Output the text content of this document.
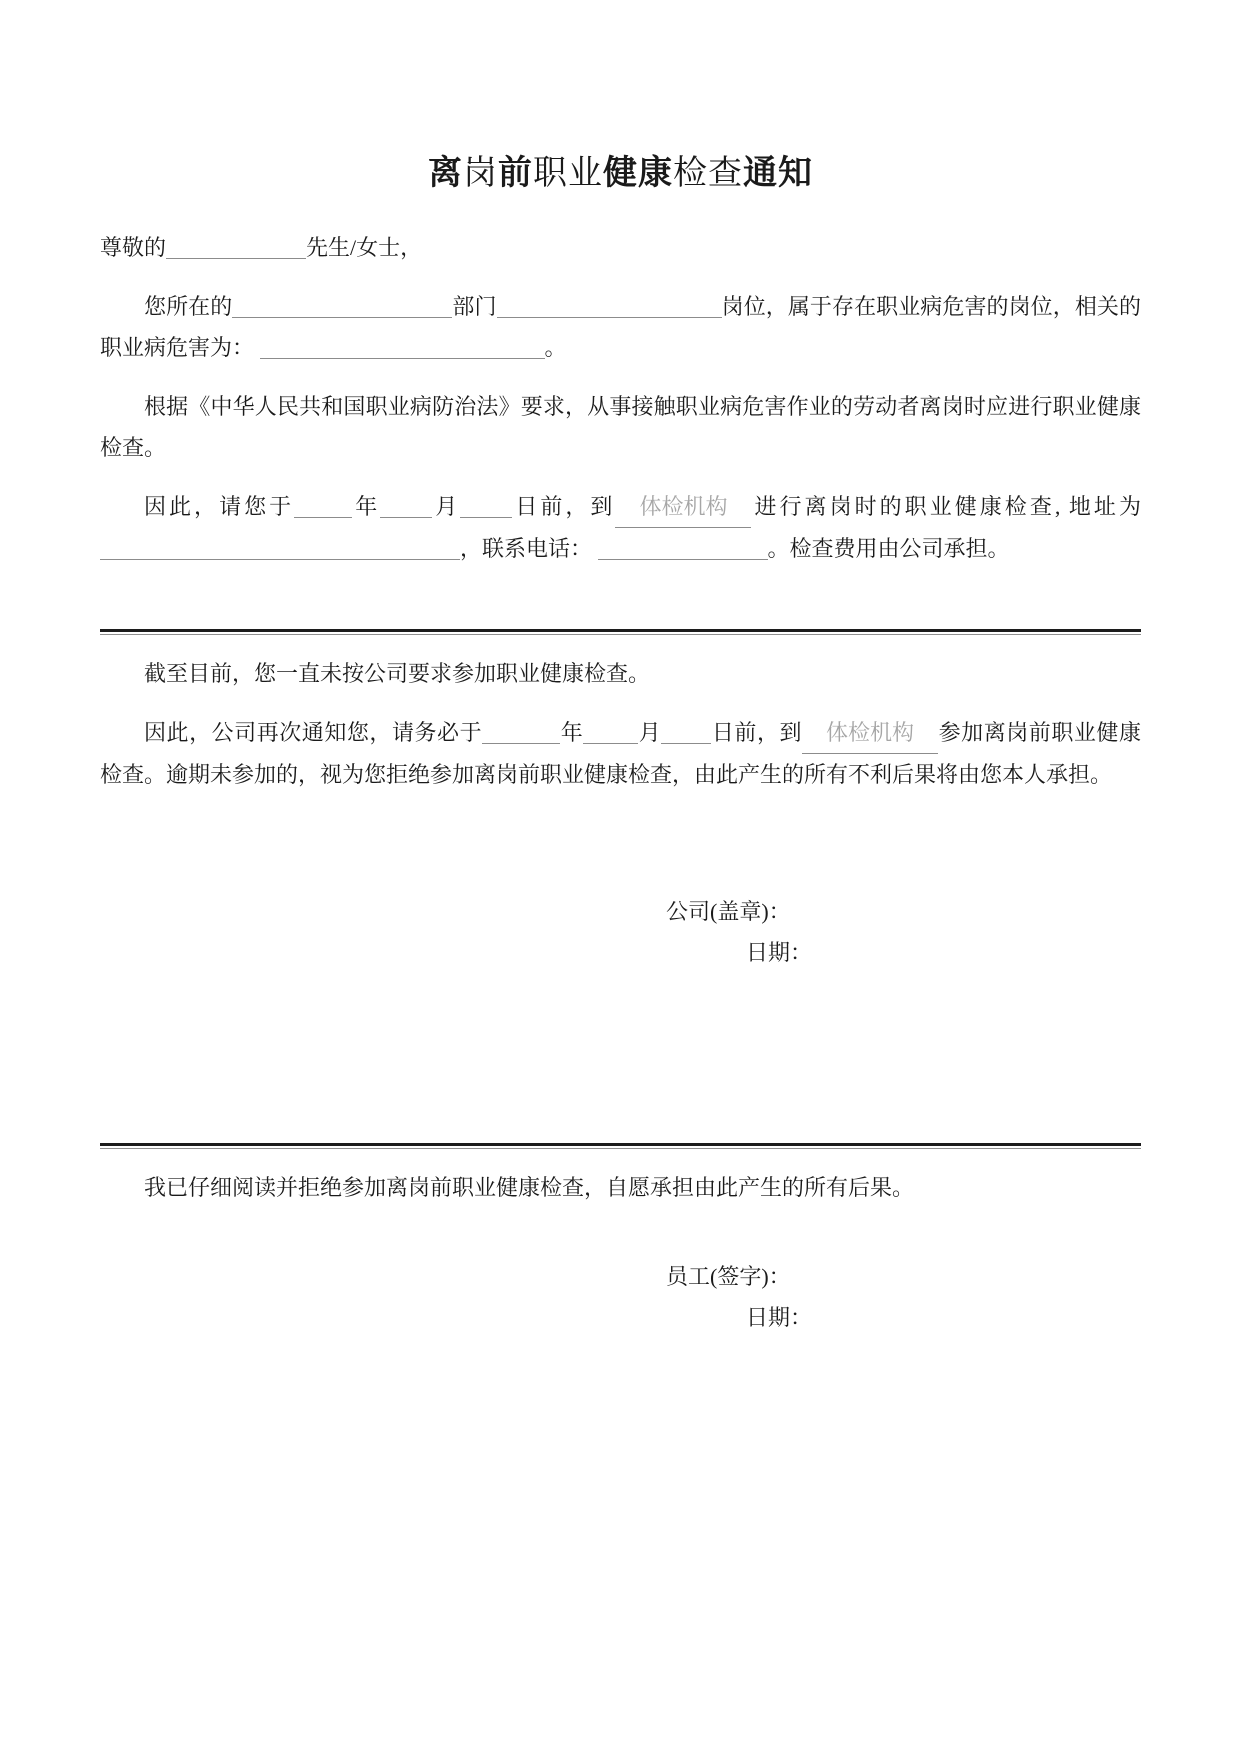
离岗前职业健康检查通知

尊敬的	先生/女士，

您所在的	部门	岗位，属于存在职业病危害的岗位，相关的职业病危害为：	。

根据《中华人民共和国职业病防治法》要求，从事接触职业病危害作业的劳动者离岗时应进行职业健康检查。

因此，请您于	年 月 日前，到 体检机构 进行离岗时的职业健康检查, 地址为，联系电话：	。检查费用由公司承担。

截至目前，您一直未按公司要求参加职业健康检查。

因此，公司再次通知您，请务必于	年	月 日前，到 体检机构 参加离岗前职业健康检查。逾期未参加的，视为您拒绝参加离岗前职业健康检查，由此产生的所有不利后果将由您本人承担。

公司(盖章)：
日期：

我已仔细阅读并拒绝参加离岗前职业健康检查，自愿承担由此产生的所有后果。

员工(签字)：
日期：
